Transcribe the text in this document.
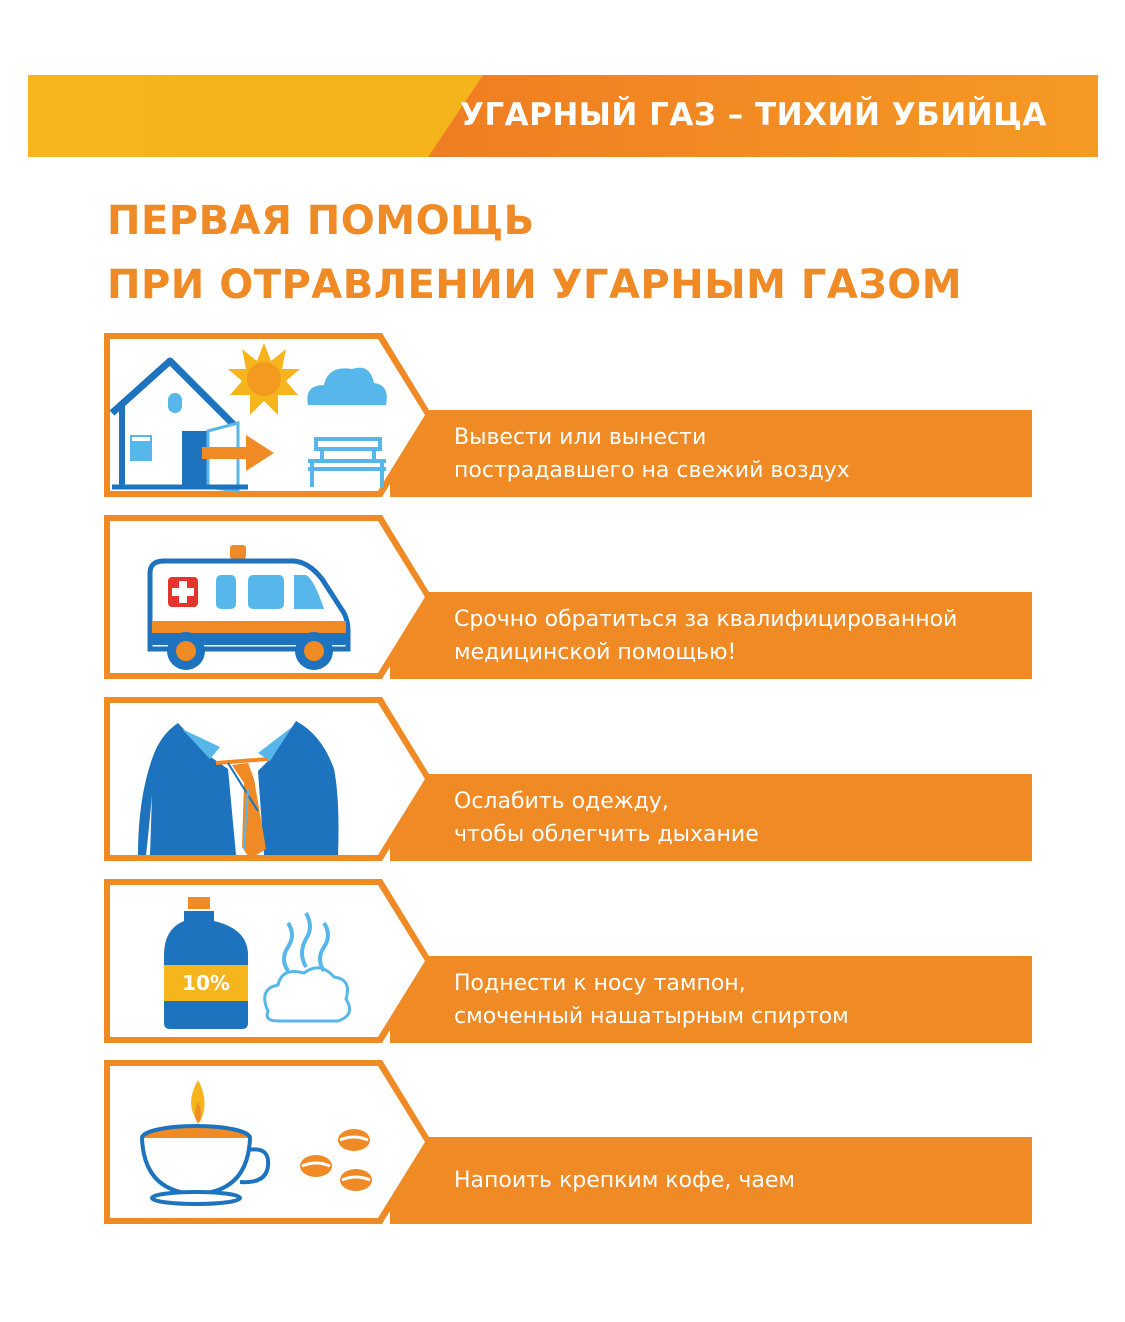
УГАРНЫЙ ГАЗ – ТИХИЙ УБИЙЦА
ПЕРВАЯ ПОМОЩЬ
ПРИ ОТРАВЛЕНИИ УГАРНЫМ ГАЗОМ
Вывести или вынести
пострадавшего на свежий воздух
Срочно обратиться за квалифицированной
медицинской помощью!
Ослабить одежду,
чтобы облегчить дыхание
10%	Поднести к носу тампон,
смоченный нашатырным спиртом
Напоить крепким кофе, чаем
